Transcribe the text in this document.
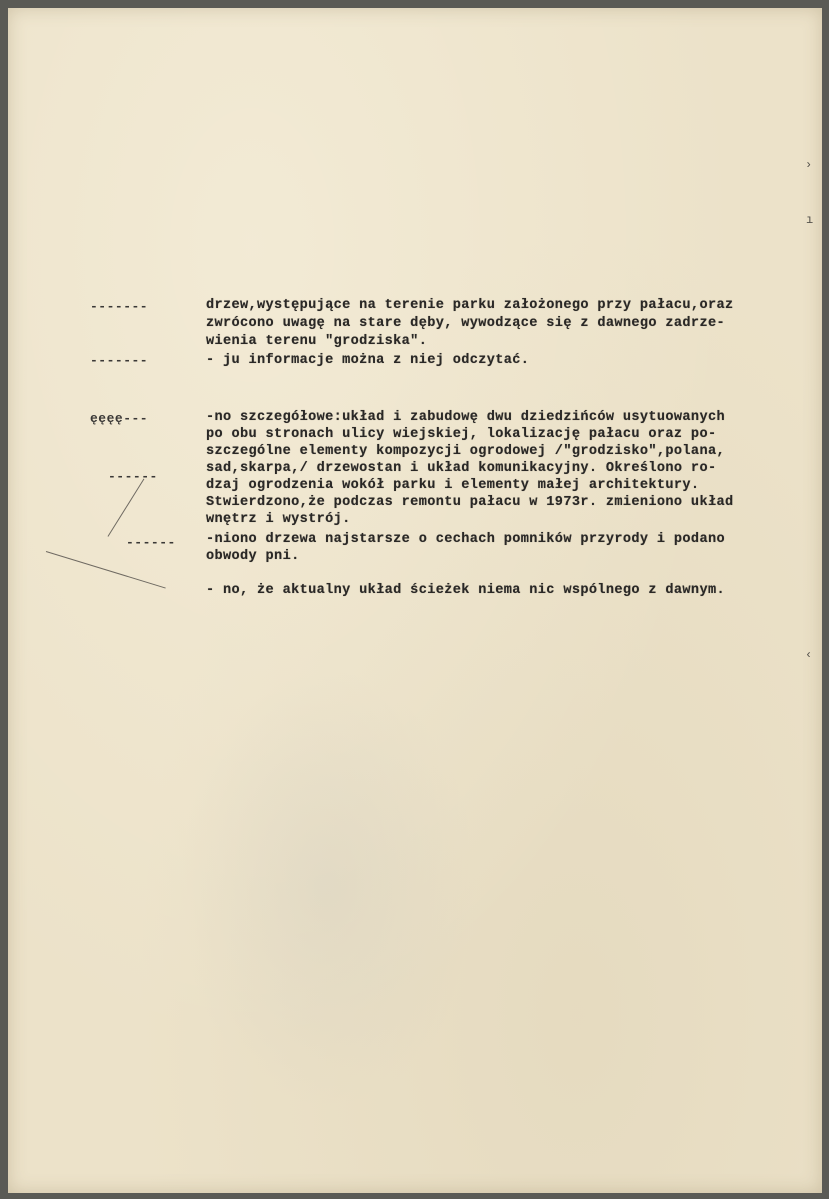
-------
-------
ęęęę---
------
------
›
ı
‹
drzew,występujące na terenie parku założonego przy pałacu,oraz
zwrócono uwagę na stare dęby, wywodzące się z dawnego zadrze-
wienia terenu "grodziska".
- ju informacje można z niej odczytać.
-no szczegółowe:układ i zabudowę dwu dziedzińców usytuowanych
po obu stronach ulicy wiejskiej, lokalizację pałacu oraz po-
szczególne elementy kompozycji ogrodowej /"grodzisko",polana,
sad,skarpa,/ drzewostan i układ komunikacyjny. Określono ro-
dzaj ogrodzenia wokół parku i elementy małej architektury.
Stwierdzono,że podczas remontu pałacu w 1973r. zmieniono układ
wnętrz i wystrój.
-niono drzewa najstarsze o cechach pomników przyrody i podano
obwody pni.
- no, że aktualny układ ścieżek niema nic wspólnego z dawnym.
